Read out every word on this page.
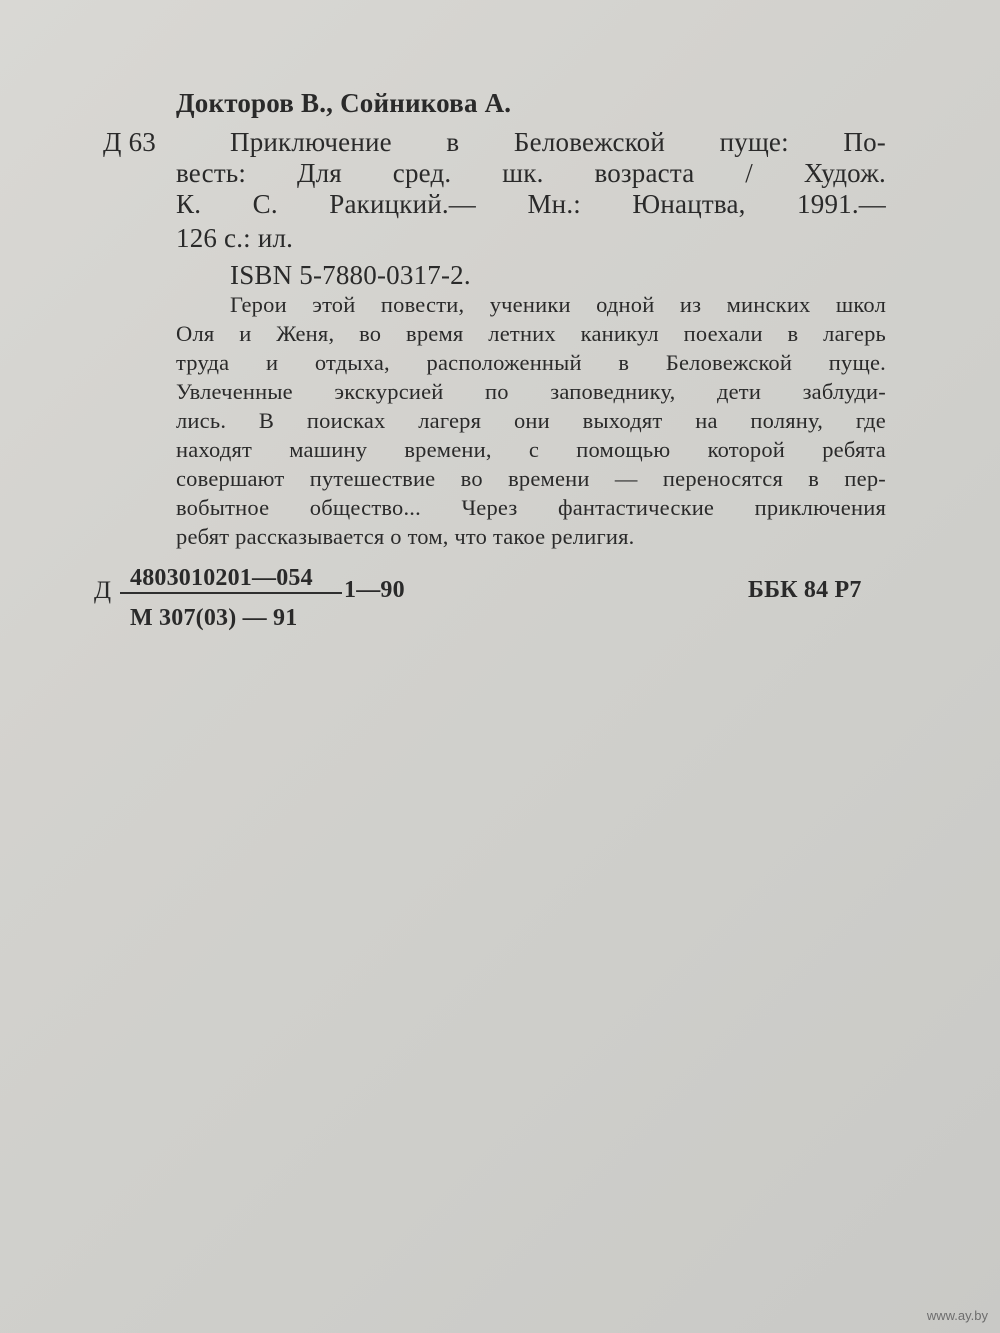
Докторов В., Сойникова А.
Д 63	Приключение в Беловежской пуще: По-
весть: Для сред. шк. возраста / Худож.
К. С. Ракицкий.— Мн.: Юнацтва, 1991.—
126 с.: ил.
ISBN 5-7880-0317-2.
Герои этой повести, ученики одной из минских школ
Оля и Женя, во время летних каникул поехали в лагерь
труда и отдыха, расположенный в Беловежской пуще.
Увлеченные экскурсией по заповеднику, дети заблуди-
лись. В поисках лагеря они выходят на поляну, где
находят машину времени, с помощью которой ребята
совершают путешествие во времени — переносятся в пер-
вобытное общество... Через фантастические приключения
ребят рассказывается о том, что такое религия.
4803010201—054
Д	1—90
М 307(03) — 91
ББК 84 Р7
www.ay.by
